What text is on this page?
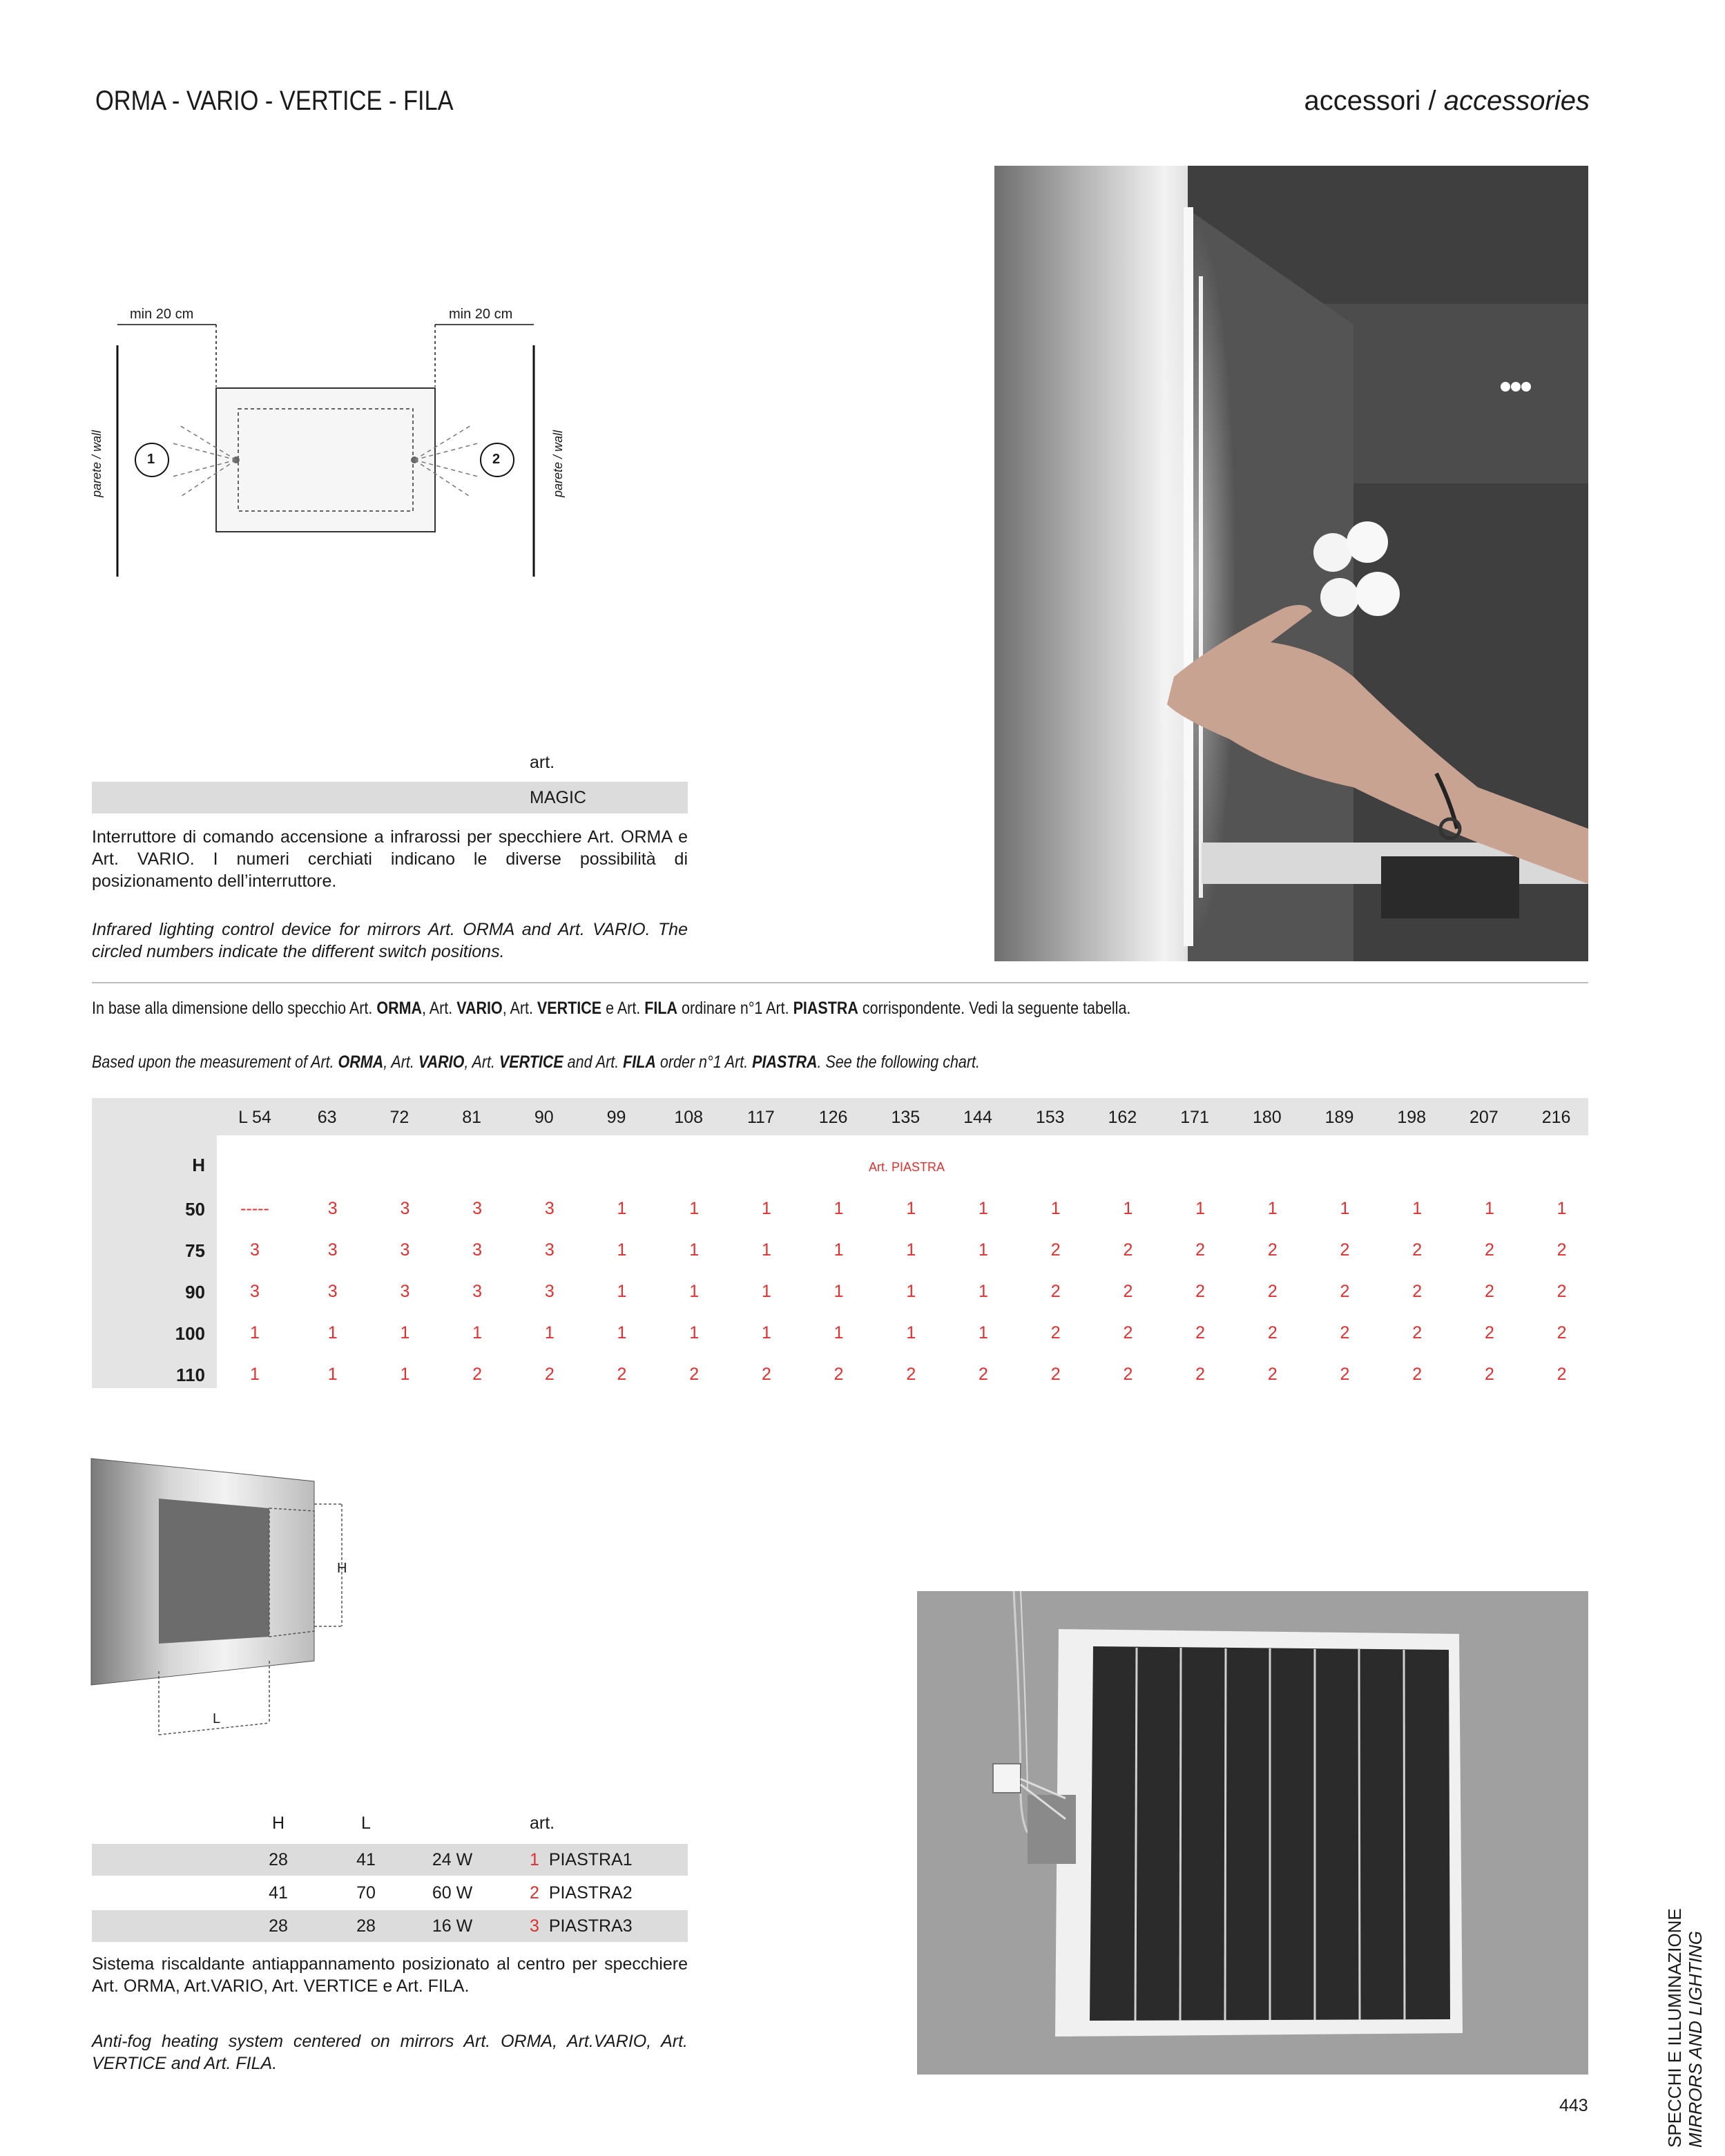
ORMA - VARIO - VERTICE - FILA	accessori / accessories
min 20 cm	min 20 cm
1	2
parete / wall	parete / wall
art.
MAGIC
Interruttore di comando accensione a infrarossi per specchiere Art. ORMA e Art. VARIO. I numeri cerchiati indicano le diverse possibilità di posizionamento dell’interruttore.
Infrared lighting control device for mirrors Art. ORMA and Art. VARIO. The circled numbers indicate the different switch positions.
In base alla dimensione dello specchio Art. ORMA, Art. VARIO, Art. VERTICE e Art. FILA ordinare n°1 Art. PIASTRA corrispondente. Vedi la seguente tabella.
Based upon the measurement of Art. ORMA, Art. VARIO, Art. VERTICE and Art. FILA order n°1 Art. PIASTRA. See the following chart.
H	Art. PIASTRA
L 54	63	72	81	90	99	108	117	126	135	144	153	162	171	180	189	198	207	216
50	-----	3	3	3	3	1	1	1	1	1	1	1	1	1	1	1	1	1	1
75	3	3	3	3	3	1	1	1	1	1	1	2	2	2	2	2	2	2	2
90	3	3	3	3	3	1	1	1	1	1	1	2	2	2	2	2	2	2	2
100	1	1	1	1	1	1	1	1	1	1	1	2	2	2	2	2	2	2	2
110	1	1	1	2	2	2	2	2	2	2	2	2	2	2	2	2	2	2	2
H
L
H	L	art.
28	41	24 W	1 PIASTRA1
41	70	60 W	2 PIASTRA2
28	28	16 W	3 PIASTRA3
Sistema riscaldante antiappannamento posizionato al centro per specchiere Art. ORMA, Art.VARIO, Art. VERTICE e Art. FILA.
Anti-fog heating system centered on mirrors Art. ORMA, Art.VARIO, Art. VERTICE and Art. FILA.
443	SPECCHI E ILLUMINAZIONE MIRRORS AND LIGHTING
